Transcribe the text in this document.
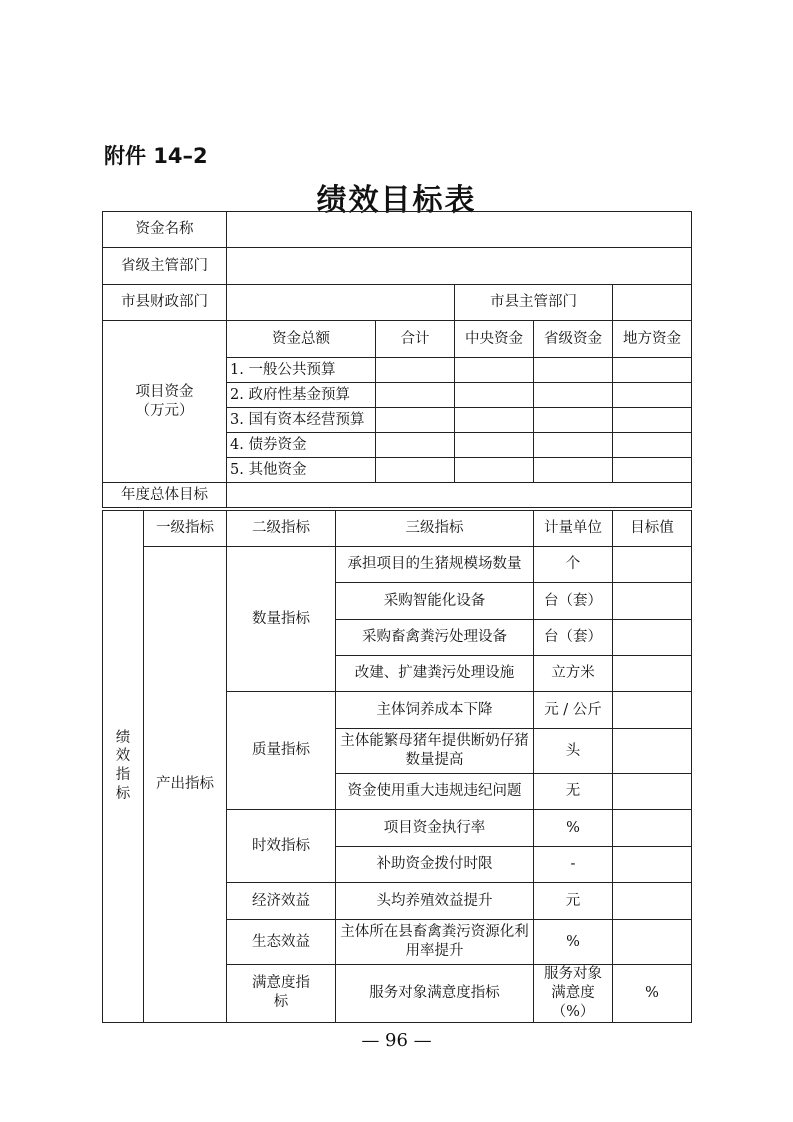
附件 14–2
绩效目标表
资金名称					
省级主管部门					
市县财政部门			市县主管部门		
项目资金
（万元）	资金总额	合计	中央资金	省级资金	地方资金
	1. 一般公共预算				
	2. 政府性基金预算				
	3. 国有资本经营预算				
	4. 债券资金				
	5. 其他资金				
年度总体目标					
绩效指标	一级指标	二级指标	三级指标	计量单位	目标值	
	产出指标	数量指标	承担项目的生猪规模场数量	个		
			采购智能化设备	台（套）		
			采购畜禽粪污处理设备	台（套）		
			改建、扩建粪污处理设施	立方米		
		质量指标	主体饲养成本下降	元 / 公斤		
			主体能繁母猪年提供断奶仔猪数量提高	头		
			资金使用重大违规违纪问题	无		
		时效指标	项目资金执行率	%		
			补助资金拨付时限	-		
		经济效益	头均养殖效益提升	元		
		生态效益	主体所在县畜禽粪污资源化利用率提升	%		
		满意度指标	服务对象满意度指标	服务对象满意度（%）	%	
— 96 —
